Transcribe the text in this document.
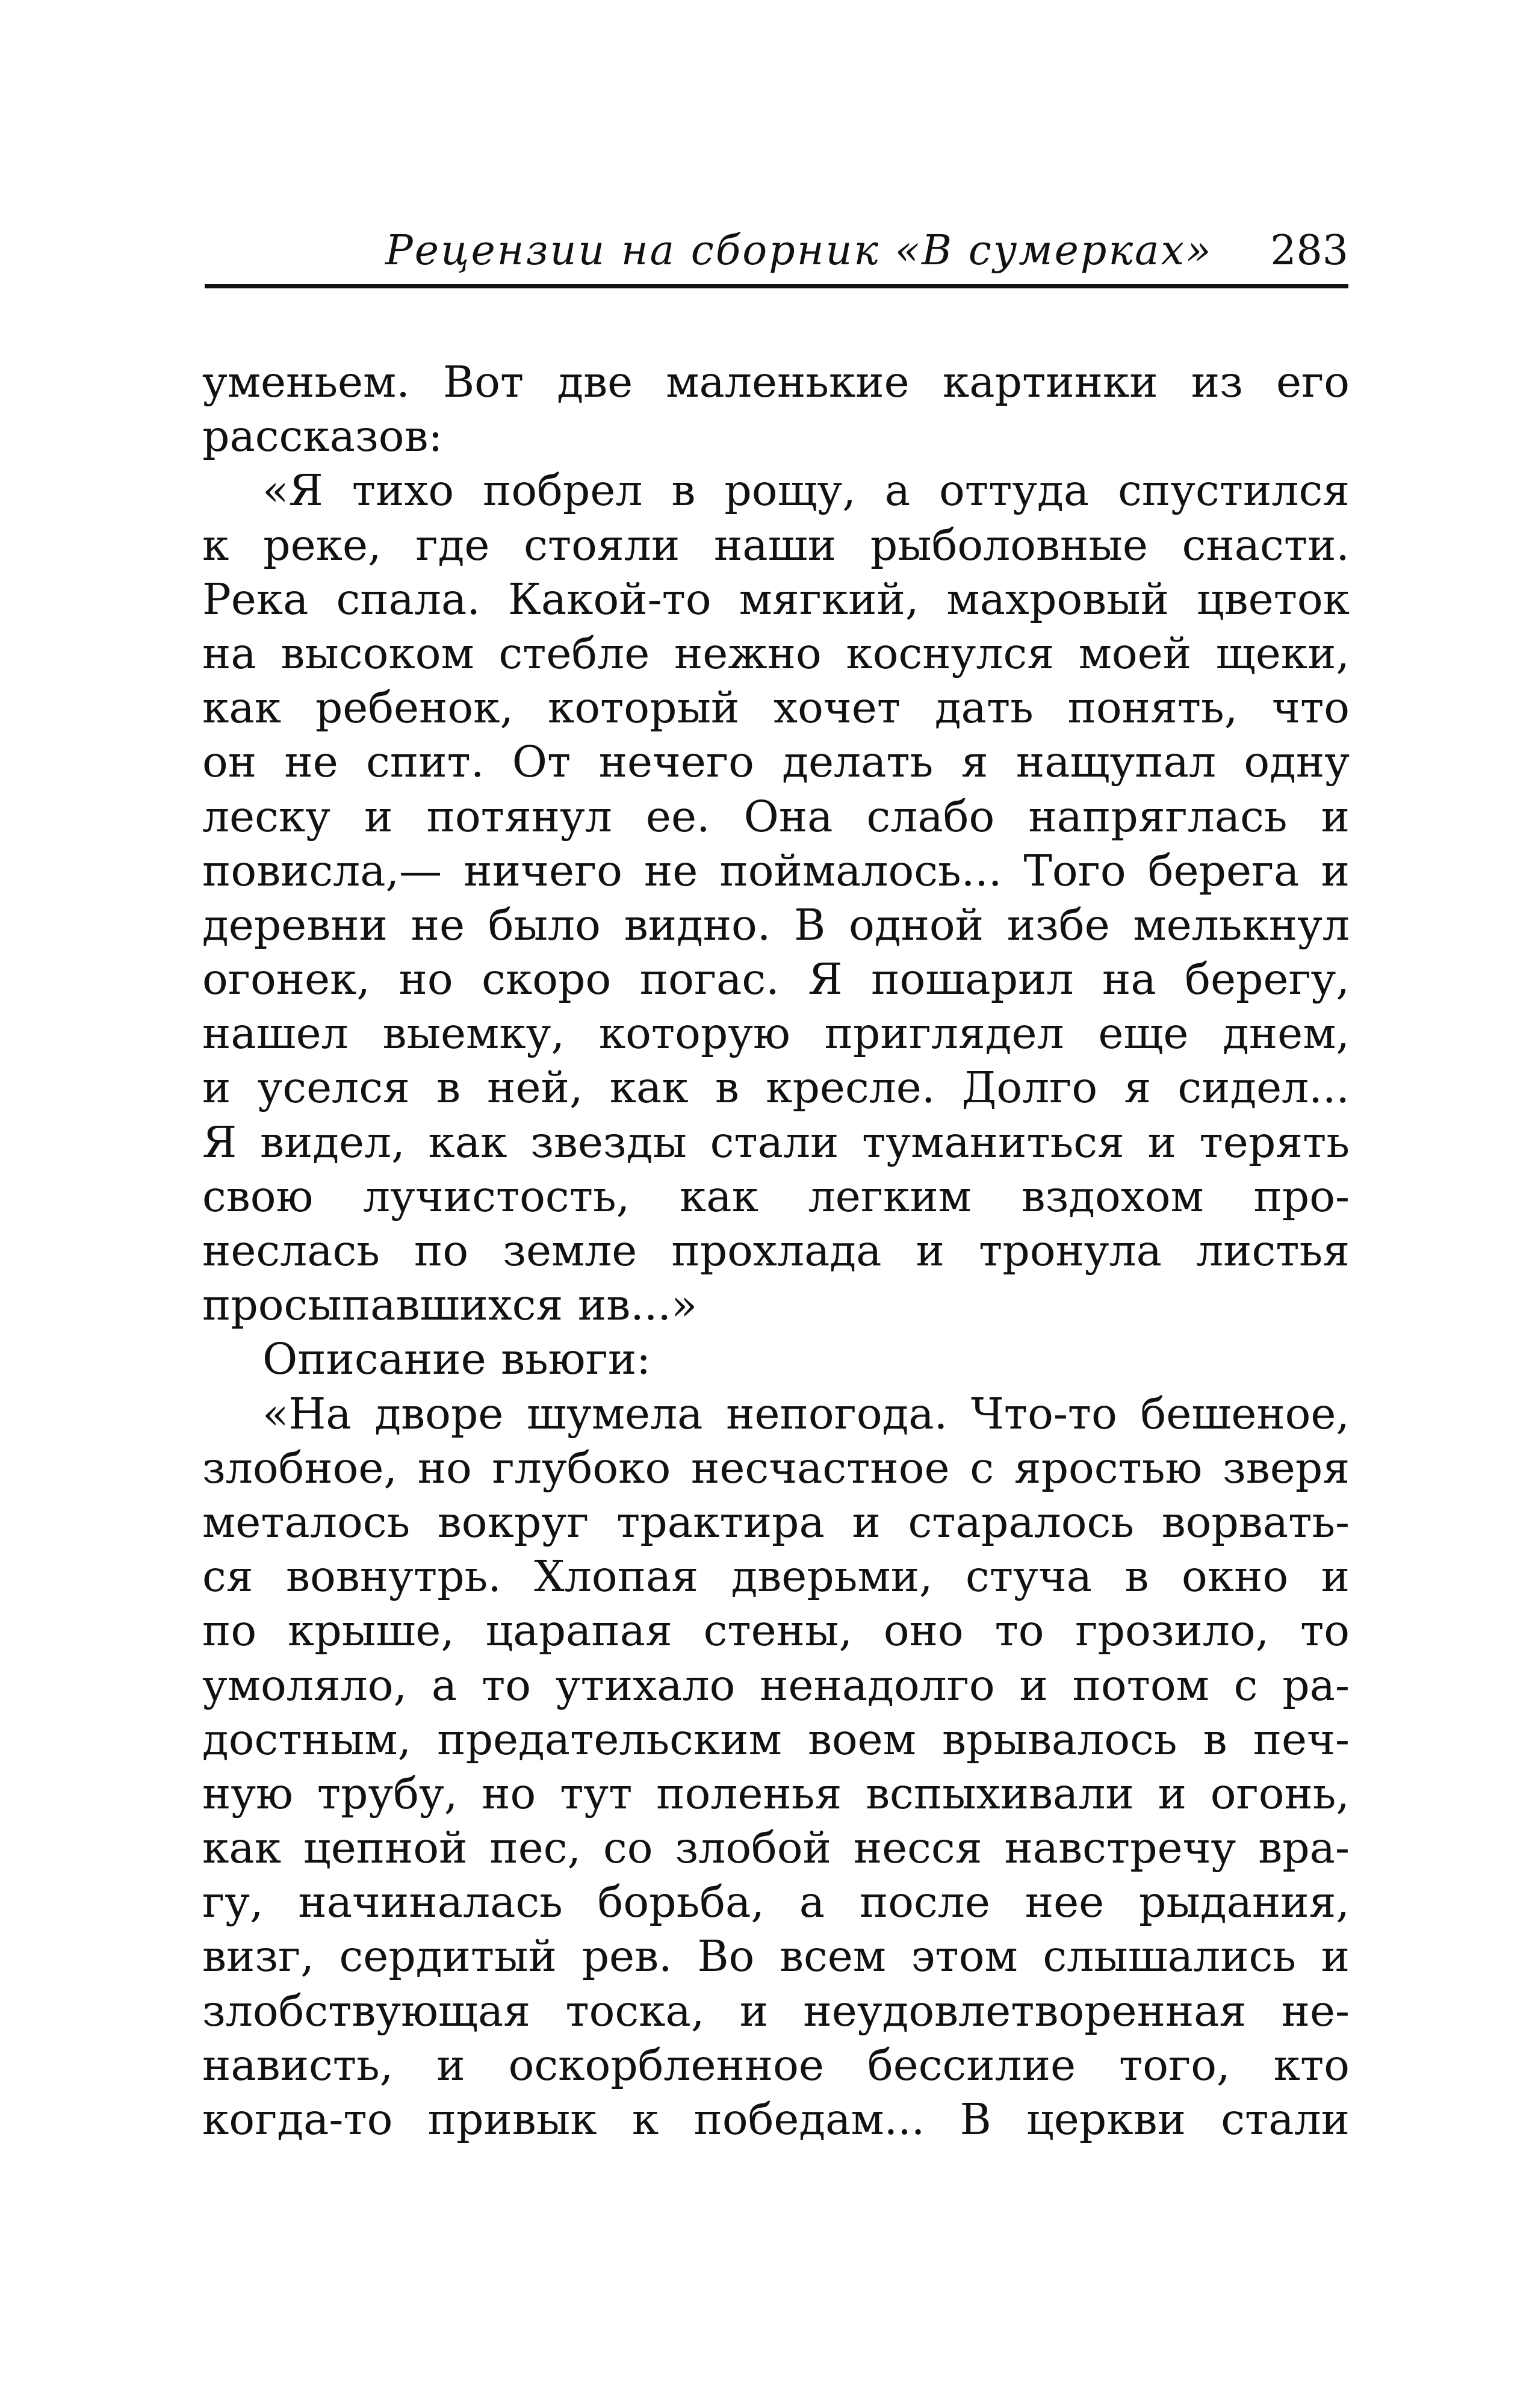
Рецензии на сборник «В сумерках» 283
уменьем. Вот две маленькие картинки из его
рассказов:
«Я тихо побрел в рощу, а оттуда спустился
к реке, где стояли наши рыболовные снасти.
Река спала. Какой-то мягкий, махровый цветок
на высоком стебле нежно коснулся моей щеки,
как ребенок, который хочет дать понять, что
он не спит. От нечего делать я нащупал одну
леску и потянул ее. Она слабо напряглась и
повисла,— ничего не поймалось... Того берега и
деревни не было видно. В одной избе мелькнул
огонек, но скоро погас. Я пошарил на берегу,
нашел выемку, которую приглядел еще днем,
и уселся в ней, как в кресле. Долго я сидел...
Я видел, как звезды стали туманиться и терять
свою лучистость, как легким вздохом про-
неслась по земле прохлада и тронула листья
просыпавшихся ив...»
Описание вьюги:
«На дворе шумела непогода. Что-то бешеное,
злобное, но глубоко несчастное с яростью зверя
металось вокруг трактира и старалось ворвать-
ся вовнутрь. Хлопая дверьми, стуча в окно и
по крыше, царапая стены, оно то грозило, то
умоляло, а то утихало ненадолго и потом с ра-
достным, предательским воем врывалось в печ-
ную трубу, но тут поленья вспыхивали и огонь,
как цепной пес, со злобой несся навстречу вра-
гу, начиналась борьба, а после нее рыдания,
визг, сердитый рев. Во всем этом слышались и
злобствующая тоска, и неудовлетворенная не-
нависть, и оскорбленное бессилие того, кто
когда-то привык к победам... В церкви стали
